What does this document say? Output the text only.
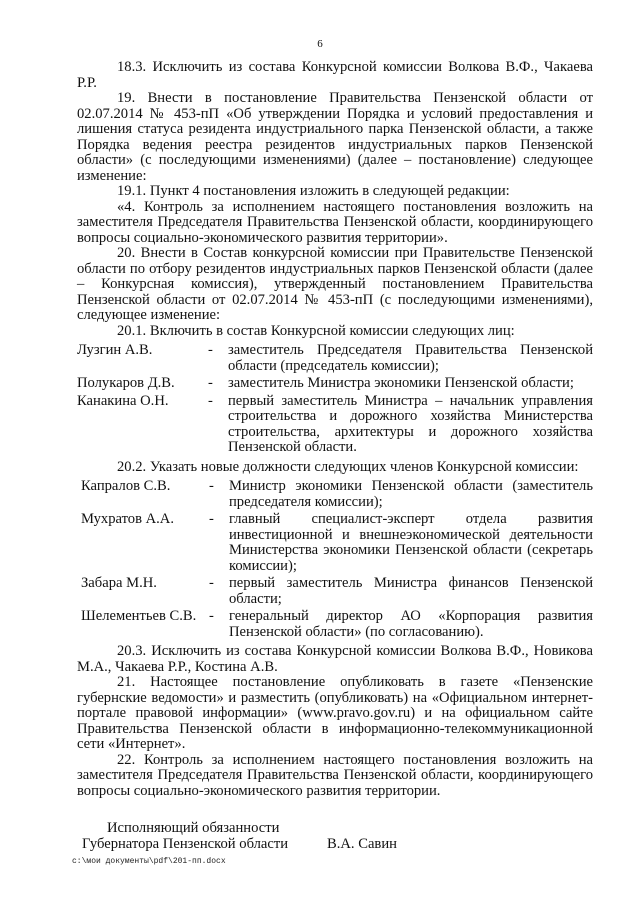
6

18.3. Исключить из состава Конкурсной комиссии Волкова В.Ф., Чакаева Р.Р.

19. Внести в постановление Правительства Пензенской области от 02.07.2014 № 453-пП «Об утверждении Порядка и условий предоставления и лишения статуса резидента индустриального парка Пензенской области, а также Порядка ведения реестра резидентов индустриальных парков Пензенской области» (с последующими изменениями) (далее – постановление) следующее изменение:

19.1. Пункт 4 постановления изложить в следующей редакции:

«4. Контроль за исполнением настоящего постановления возложить на заместителя Председателя Правительства Пензенской области, координирующего вопросы социально-экономического развития территории».

20. Внести в Состав конкурсной комиссии при Правительстве Пензенской области по отбору резидентов индустриальных парков Пензенской области (далее – Конкурсная комиссия), утвержденный постановлением Правительства Пензенской области от 02.07.2014 № 453-пП (с последующими изменениями), следующее изменение:

20.1. Включить в состав Конкурсной комиссии следующих лиц:

Лузгин А.В.	-	заместитель Председателя Правительства Пензенской области (председатель комиссии);
Полукаров Д.В.	-	заместитель Министра экономики Пензенской области;
Канакина О.Н.	-	первый заместитель Министра – начальник управления строительства и дорожного хозяйства Министерства строительства, архитектуры и дорожного хозяйства Пензенской области.

20.2. Указать новые должности следующих членов Конкурсной комиссии:

Капралов С.В.	-	Министр экономики Пензенской области (заместитель председателя комиссии);
Мухратов А.А.	-	главный специалист-эксперт отдела развития инвестиционной и внешнеэкономической деятельности Министерства экономики Пензенской области (секретарь комиссии);
Забара М.Н.	-	первый заместитель Министра финансов Пензенской области;
Шелементьев С.В. -	генеральный директор АО «Корпорация развития Пензенской области» (по согласованию).

20.3. Исключить из состава Конкурсной комиссии Волкова В.Ф., Новикова М.А., Чакаева Р.Р., Костина А.В.

21. Настоящее постановление опубликовать в газете «Пензенские губернские ведомости» и разместить (опубликовать) на «Официальном интернет-портале правовой информации» (www.pravo.gov.ru) и на официальном сайте Правительства Пензенской области в информационно-телекоммуникационной сети «Интернет».

22. Контроль за исполнением настоящего постановления возложить на заместителя Председателя Правительства Пензенской области, координирующего вопросы социально-экономического развития территории.

Исполняющий обязанности
Губернатора Пензенской области	В.А. Савин
c:\мои документы\pdf\201-пп.docx
